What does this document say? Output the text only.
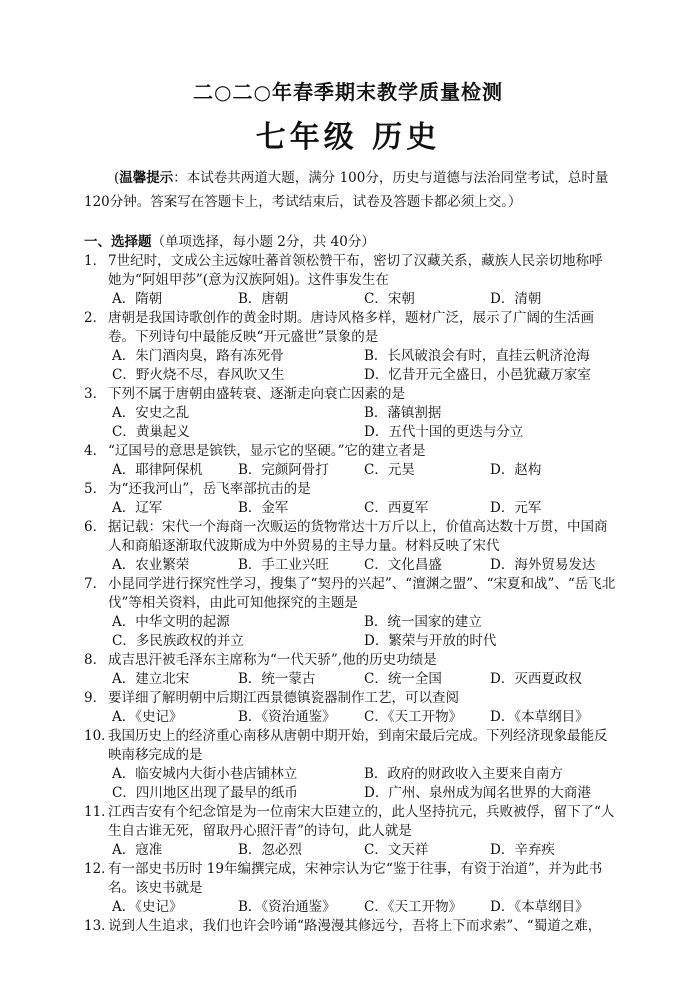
二○二○年春季期末教学质量检测
七年级 历史
(温馨提示：本试卷共两道大题，满分 100分，历史与道德与法治同堂考试，总时量 120分钟。答案写在答题卡上，考试结束后，试卷及答题卡都必须上交。）
一、选择题（单项选择，每小题 2分，共 40分）
1． 7世纪时，文成公主远嫁吐蕃首领松赞干布，密切了汉藏关系，藏族人民亲切地称呼她为“阿姐甲莎”(意为汉族阿姐)。这件事发生在
A．隋朝	B．唐朝	C．宋朝	D．清朝
2． 唐朝是我国诗歌创作的黄金时期。唐诗风格多样，题材广泛，展示了广阔的生活画卷。下列诗句中最能反映“开元盛世”景象的是
A．朱门酒肉臭，路有冻死骨	B．长风破浪会有时，直挂云帆济沧海
C．野火烧不尽，春风吹又生	D．忆昔开元全盛日，小邑犹藏万家室
3． 下列不属于唐朝由盛转衰、逐渐走向衰亡因素的是
A．安史之乱	B．藩镇割据
C．黄巢起义	D．五代十国的更迭与分立
4． “辽国号的意思是镔铁，显示它的坚硬。”它的建立者是
A．耶律阿保机	B．完颜阿骨打	C．元昊	D．赵构
5． 为“还我河山”，岳飞率部抗击的是
A．辽军	B．金军	C．西夏军	D．元军
6． 据记载：宋代一个海商一次贩运的货物常达十万斤以上，价值高达数十万贯，中国商人和商船逐渐取代波斯成为中外贸易的主导力量。材料反映了宋代
A．农业繁荣	B．手工业兴旺	C．文化昌盛	D．海外贸易发达
7． 小昆同学进行探究性学习，搜集了“契丹的兴起”、“澶渊之盟”、“宋夏和战”、“岳飞北伐”等相关资料，由此可知他探究的主题是
A．中华文明的起源	B．统一国家的建立
C．多民族政权的并立	D．繁荣与开放的时代
8． 成吉思汗被毛泽东主席称为“一代天骄”,他的历史功绩是
A．建立北宋	B．统一蒙古	C．统一全国	D．灭西夏政权
9． 要详细了解明朝中后期江西景德镇瓷器制作工艺，可以查阅
A．《史记》	B．《资治通鉴》	C．《天工开物》	D．《本草纲目》
10．
我国历史上的经济重心南移从唐朝中期开始，到南宋最后完成。下列经济现象最能反映南移完成的是
A．临安城内大街小巷店铺林立	B．政府的财政收入主要来自南方
C．四川地区出现了最早的纸币	D．广州、泉州成为闻名世界的大商港
11．
江西吉安有个纪念馆是为一位南宋大臣建立的，此人坚持抗元，兵败被俘，留下了“人生自古谁无死，留取丹心照汗青”的诗句，此人就是
A．寇准	B．忽必烈	C．文天祥	D．辛弃疾
12．
有一部史书历时 19年编撰完成，宋神宗认为它“鉴于往事，有资于治道”，并为此书名。该史书就是
A．《史记》	B．《资治通鉴》	C．《天工开物》	D．《本草纲目》
13．
说到人生追求，我们也许会吟诵“路漫漫其修远兮，吾将上下而求索”、“蜀道之难，
